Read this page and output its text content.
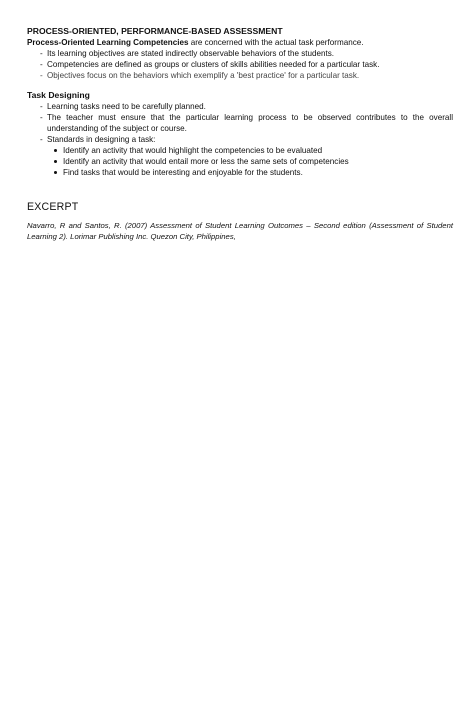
PROCESS-ORIENTED, PERFORMANCE-BASED ASSESSMENT

Process-Oriented Learning Competencies are concerned with the actual task performance.

- Its learning objectives are stated indirectly observable behaviors of the students.
- Competencies are defined as groups or clusters of skills abilities needed for a particular task.
- Objectives focus on the behaviors which exemplify a 'best practice' for a particular task.

Task Designing

- Learning tasks need to be carefully planned.
- The teacher must ensure that the particular learning process to be observed contributes to the overall understanding of the subject or course.
- Standards in designing a task:
Identify an activity that would highlight the competencies to be evaluated
Identify an activity that would entail more or less the same sets of competencies
Find tasks that would be interesting and enjoyable for the students.

EXCERPT

Navarro, R and Santos, R. (2007) Assessment of Student Learning Outcomes – Second edition (Assessment of Student Learning 2). Lorimar Publishing Inc. Quezon City, Philippines,
